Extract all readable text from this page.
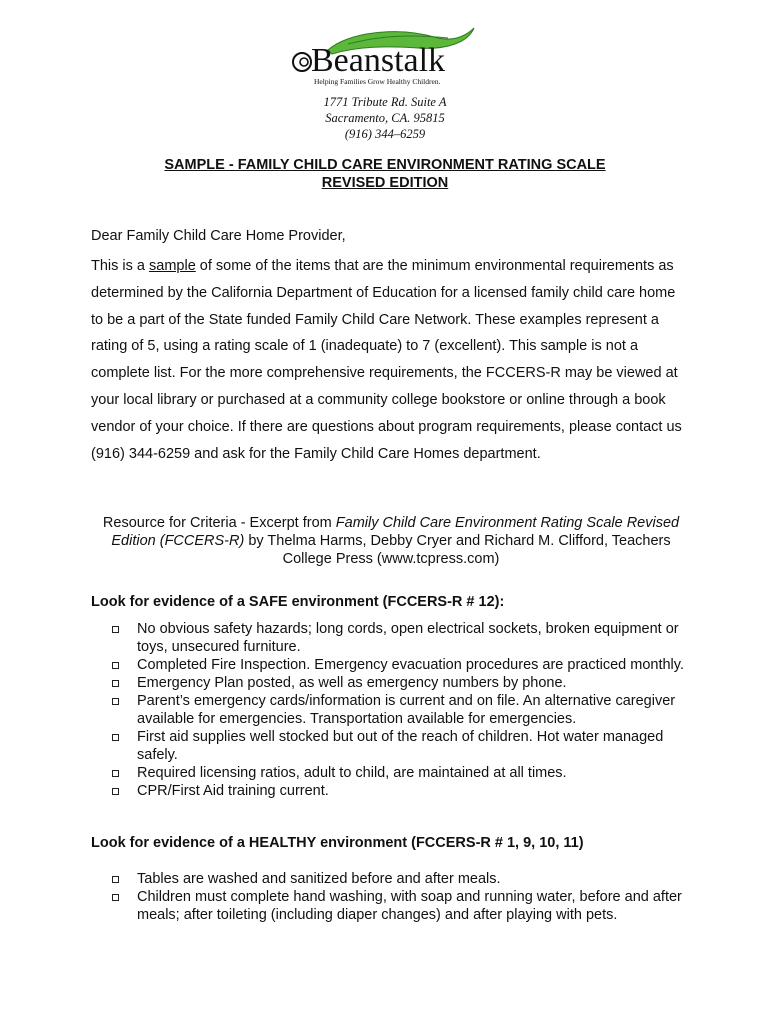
Beanstalk
Helping Families Grow Healthy Children.
1771 Tribute Rd. Suite A
Sacramento, CA. 95815
(916) 344–6259
SAMPLE - FAMILY CHILD CARE ENVIRONMENT RATING SCALE
REVISED EDITION
Dear Family Child Care Home Provider,
This is a sample of some of the items that are the minimum environmental requirements as determined by the California Department of Education for a licensed family child care home to be a part of the State funded Family Child Care Network. These examples represent a rating of 5, using a rating scale of 1 (inadequate) to 7 (excellent). This sample is not a complete list. For the more comprehensive requirements, the FCCERS-R may be viewed at your local library or purchased at a community college bookstore or online through a book vendor of your choice. If there are questions about program requirements, please contact us (916) 344-6259 and ask for the Family Child Care Homes department.
Resource for Criteria - Excerpt from Family Child Care Environment Rating Scale Revised Edition (FCCERS-R) by Thelma Harms, Debby Cryer and Richard M. Clifford, Teachers College Press (www.tcpress.com)
Look for evidence of a SAFE environment (FCCERS-R # 12):
No obvious safety hazards; long cords, open electrical sockets, broken equipment or toys, unsecured furniture.
Completed Fire Inspection. Emergency evacuation procedures are practiced monthly.
Emergency Plan posted, as well as emergency numbers by phone.
Parent’s emergency cards/information is current and on file. An alternative caregiver available for emergencies. Transportation available for emergencies.
First aid supplies well stocked but out of the reach of children. Hot water managed safely.
Required licensing ratios, adult to child, are maintained at all times.
CPR/First Aid training current.
Look for evidence of a HEALTHY environment (FCCERS-R # 1, 9, 10, 11)
Tables are washed and sanitized before and after meals.
Children must complete hand washing, with soap and running water, before and after meals; after toileting (including diaper changes) and after playing with pets.
